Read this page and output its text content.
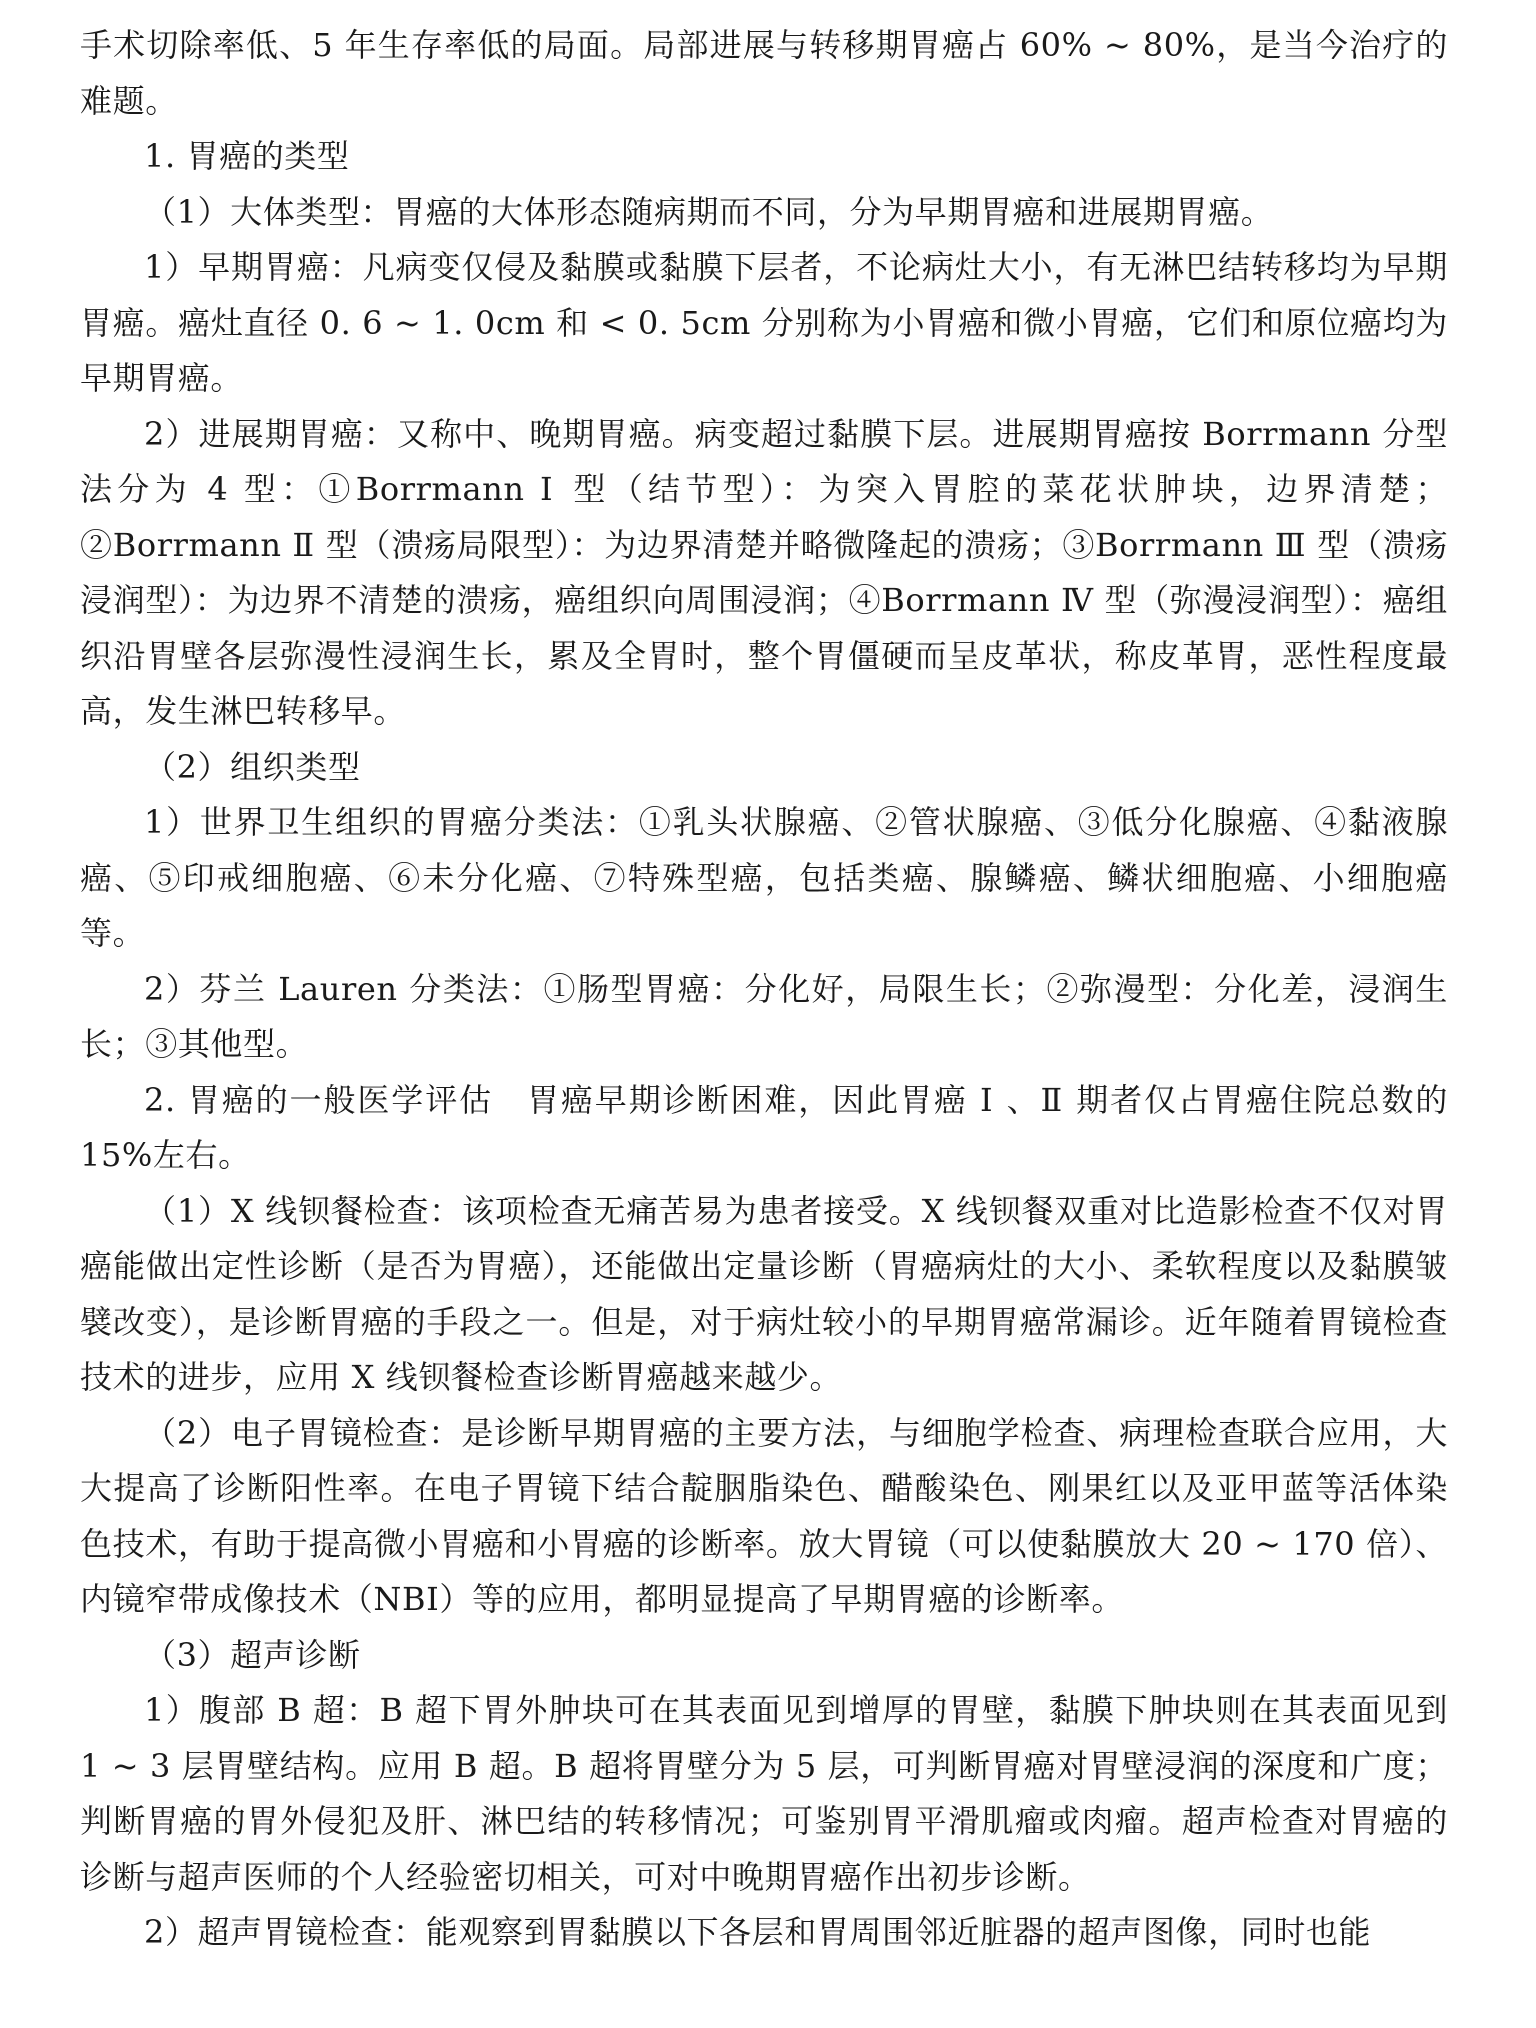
手术切除率低、5 年生存率低的局面。局部进展与转移期胃癌占 60% ~ 80%，是当今治疗的难题。

1. 胃癌的类型

（1）大体类型：胃癌的大体形态随病期而不同，分为早期胃癌和进展期胃癌。

1）早期胃癌：凡病变仅侵及黏膜或黏膜下层者，不论病灶大小，有无淋巴结转移均为早期胃癌。癌灶直径 0. 6 ~ 1. 0cm 和 < 0. 5cm 分别称为小胃癌和微小胃癌，它们和原位癌均为早期胃癌。

2）进展期胃癌：又称中、晚期胃癌。病变超过黏膜下层。进展期胃癌按 Borrmann 分型法分为 4 型：①Borrmann Ⅰ 型（结节型）：为突入胃腔的菜花状肿块，边界清楚；②Borrmann Ⅱ 型（溃疡局限型）：为边界清楚并略微隆起的溃疡；③Borrmann Ⅲ 型（溃疡浸润型）：为边界不清楚的溃疡，癌组织向周围浸润；④Borrmann Ⅳ 型（弥漫浸润型）：癌组织沿胃壁各层弥漫性浸润生长，累及全胃时，整个胃僵硬而呈皮革状，称皮革胃，恶性程度最高，发生淋巴转移早。

（2）组织类型

1）世界卫生组织的胃癌分类法：①乳头状腺癌、②管状腺癌、③低分化腺癌、④黏液腺癌、⑤印戒细胞癌、⑥未分化癌、⑦特殊型癌，包括类癌、腺鳞癌、鳞状细胞癌、小细胞癌等。

2）芬兰 Lauren 分类法：①肠型胃癌：分化好，局限生长；②弥漫型：分化差，浸润生长；③其他型。

2. 胃癌的一般医学评估　胃癌早期诊断困难，因此胃癌 Ⅰ 、Ⅱ 期者仅占胃癌住院总数的 15%左右。

（1）X 线钡餐检查：该项检查无痛苦易为患者接受。X 线钡餐双重对比造影检查不仅对胃癌能做出定性诊断（是否为胃癌），还能做出定量诊断（胃癌病灶的大小、柔软程度以及黏膜皱襞改变），是诊断胃癌的手段之一。但是，对于病灶较小的早期胃癌常漏诊。近年随着胃镜检查技术的进步，应用 X 线钡餐检查诊断胃癌越来越少。

（2）电子胃镜检查：是诊断早期胃癌的主要方法，与细胞学检查、病理检查联合应用，大大提高了诊断阳性率。在电子胃镜下结合靛胭脂染色、醋酸染色、刚果红以及亚甲蓝等活体染色技术，有助于提高微小胃癌和小胃癌的诊断率。放大胃镜（可以使黏膜放大 20 ~ 170 倍）、内镜窄带成像技术（NBI）等的应用，都明显提高了早期胃癌的诊断率。

（3）超声诊断

1）腹部 B 超：B 超下胃外肿块可在其表面见到增厚的胃壁，黏膜下肿块则在其表面见到 1 ~ 3 层胃壁结构。应用 B 超。B 超将胃壁分为 5 层，可判断胃癌对胃壁浸润的深度和广度；判断胃癌的胃外侵犯及肝、淋巴结的转移情况；可鉴别胃平滑肌瘤或肉瘤。超声检查对胃癌的诊断与超声医师的个人经验密切相关，可对中晚期胃癌作出初步诊断。

2）超声胃镜检查：能观察到胃黏膜以下各层和胃周围邻近脏器的超声图像，同时也能
